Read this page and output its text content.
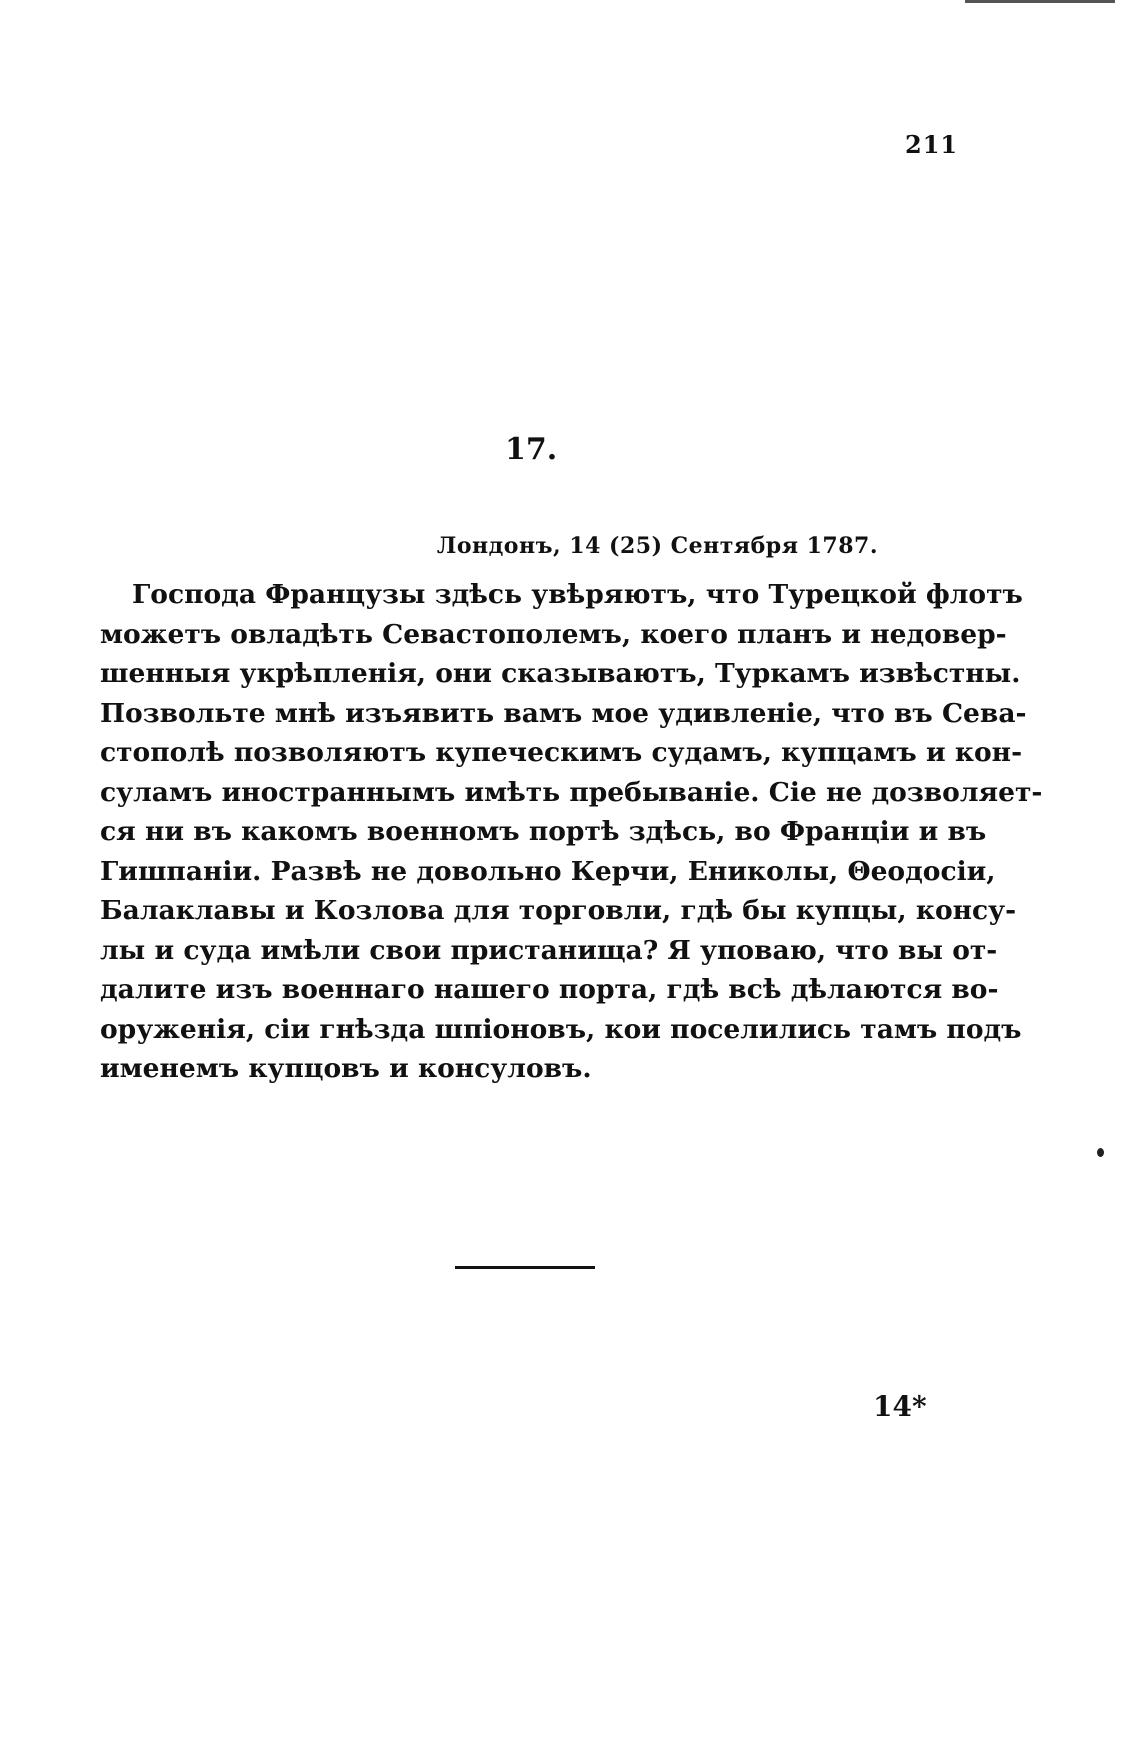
211
17.
Лондонъ, 14 (25) Сентября 1787.
Господа Французы здѣсь увѣряютъ, что Турецкой флотъ
можетъ овладѣть Севастополемъ, коего планъ и недовер-
шенныя укрѣпленія, они сказываютъ, Туркамъ извѣстны.
Позвольте мнѣ изъявить вамъ мое удивленіе, что въ Сева-
стополѣ позволяютъ купеческимъ судамъ, купцамъ и кон-
суламъ иностраннымъ имѣть пребываніе. Сіе не дозволяет-
ся ни въ какомъ военномъ портѣ здѣсь, во Франціи и въ
Гишпаніи. Развѣ не довольно Керчи, Еникoлы, Θеодосіи,
Балаклавы и Козлова для торговли, гдѣ бы купцы, консу-
лы и суда имѣли свои пристанища? Я уповаю, что вы от-
далите изъ военнаго нашего порта, гдѣ всѣ дѣлаются во-
оруженія, сіи гнѣзда шпіоновъ, кои поселились тамъ подъ
именемъ купцовъ и консуловъ.
14*
